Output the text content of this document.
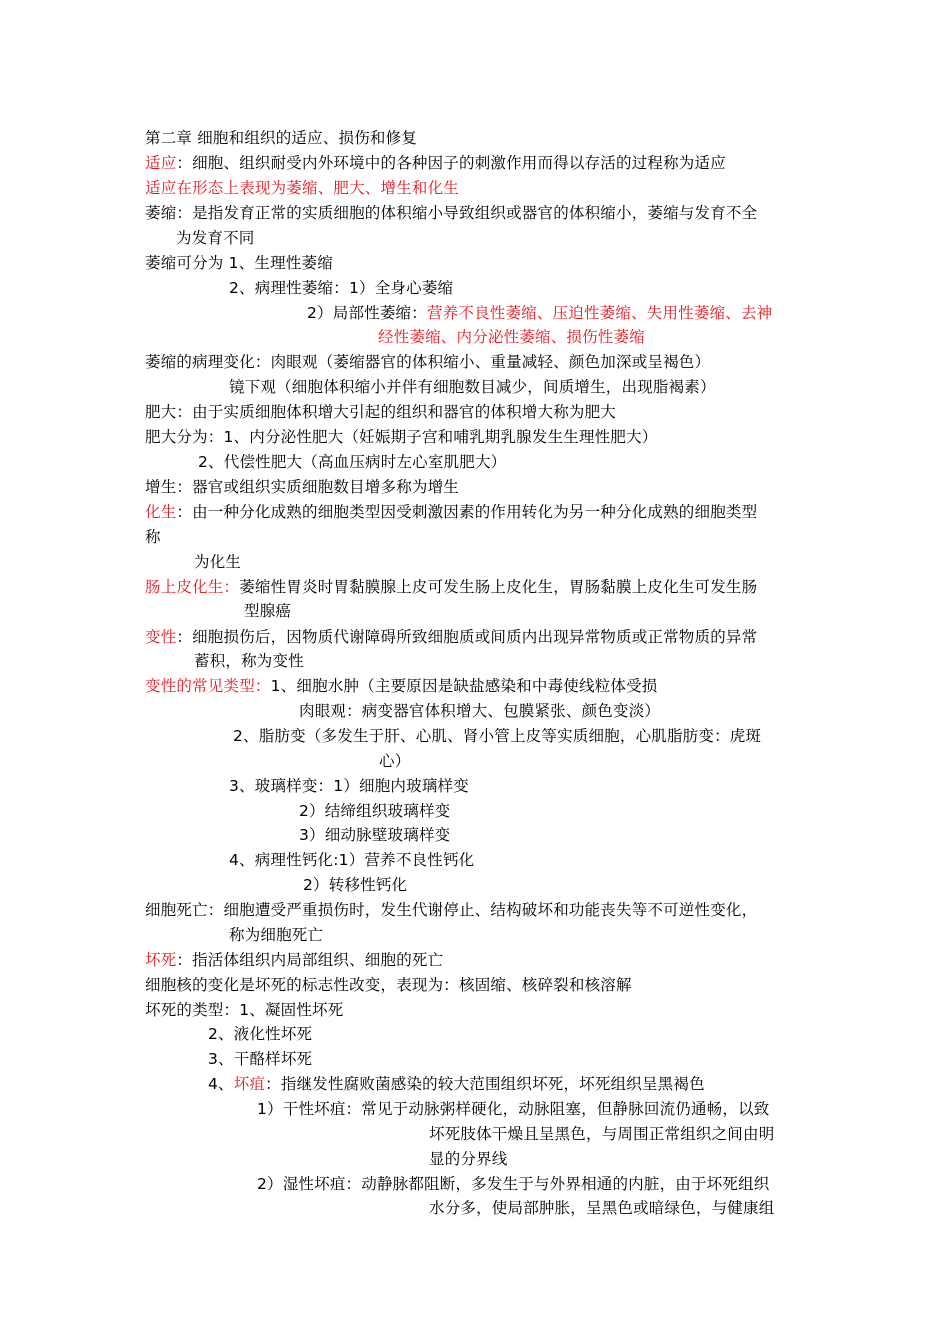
第二章 细胞和组织的适应、损伤和修复
适应：细胞、组织耐受内外环境中的各种因子的刺激作用而得以存活的过程称为适应
适应在形态上表现为萎缩、肥大、增生和化生
萎缩：是指发育正常的实质细胞的体积缩小导致组织或器官的体积缩小，萎缩与发育不全
为发育不同
萎缩可分为 1、生理性萎缩
2、病理性萎缩：1）全身心萎缩
2）局部性萎缩：营养不良性萎缩、压迫性萎缩、失用性萎缩、去神
经性萎缩、内分泌性萎缩、损伤性萎缩
萎缩的病理变化：肉眼观（萎缩器官的体积缩小、重量减轻、颜色加深或呈褐色）
镜下观（细胞体积缩小并伴有细胞数目减少，间质增生，出现脂褐素）
肥大：由于实质细胞体积增大引起的组织和器官的体积增大称为肥大
肥大分为：1、内分泌性肥大（妊娠期子宫和哺乳期乳腺发生生理性肥大）
2、代偿性肥大（高血压病时左心室肌肥大）
增生：器官或组织实质细胞数目增多称为增生
化生：由一种分化成熟的细胞类型因受刺激因素的作用转化为另一种分化成熟的细胞类型
称
为化生
肠上皮化生：萎缩性胃炎时胃黏膜腺上皮可发生肠上皮化生，胃肠黏膜上皮化生可发生肠
型腺癌
变性：细胞损伤后，因物质代谢障碍所致细胞质或间质内出现异常物质或正常物质的异常
蓄积，称为变性
变性的常见类型：1、细胞水肿（主要原因是缺盐感染和中毒使线粒体受损
肉眼观：病变器官体积增大、包膜紧张、颜色变淡）
2、脂肪变（多发生于肝、心肌、肾小管上皮等实质细胞，心肌脂肪变：虎斑
心）
3、玻璃样变：1）细胞内玻璃样变
2）结缔组织玻璃样变
3）细动脉壁玻璃样变
4、病理性钙化:1）营养不良性钙化
2）转移性钙化
细胞死亡：细胞遭受严重损伤时，发生代谢停止、结构破坏和功能丧失等不可逆性变化，
称为细胞死亡
坏死：指活体组织内局部组织、细胞的死亡
细胞核的变化是坏死的标志性改变，表现为：核固缩、核碎裂和核溶解
坏死的类型：1、凝固性坏死
2、液化性坏死
3、干酪样坏死
4、坏疽：指继发性腐败菌感染的较大范围组织坏死，坏死组织呈黑褐色
1）干性坏疽：常见于动脉粥样硬化，动脉阻塞，但静脉回流仍通畅，以致
坏死肢体干燥且呈黑色，与周围正常组织之间由明
显的分界线
2）湿性坏疽：动静脉都阻断，多发生于与外界相通的内脏，由于坏死组织
水分多，使局部肿胀，呈黑色或暗绿色，与健康组
